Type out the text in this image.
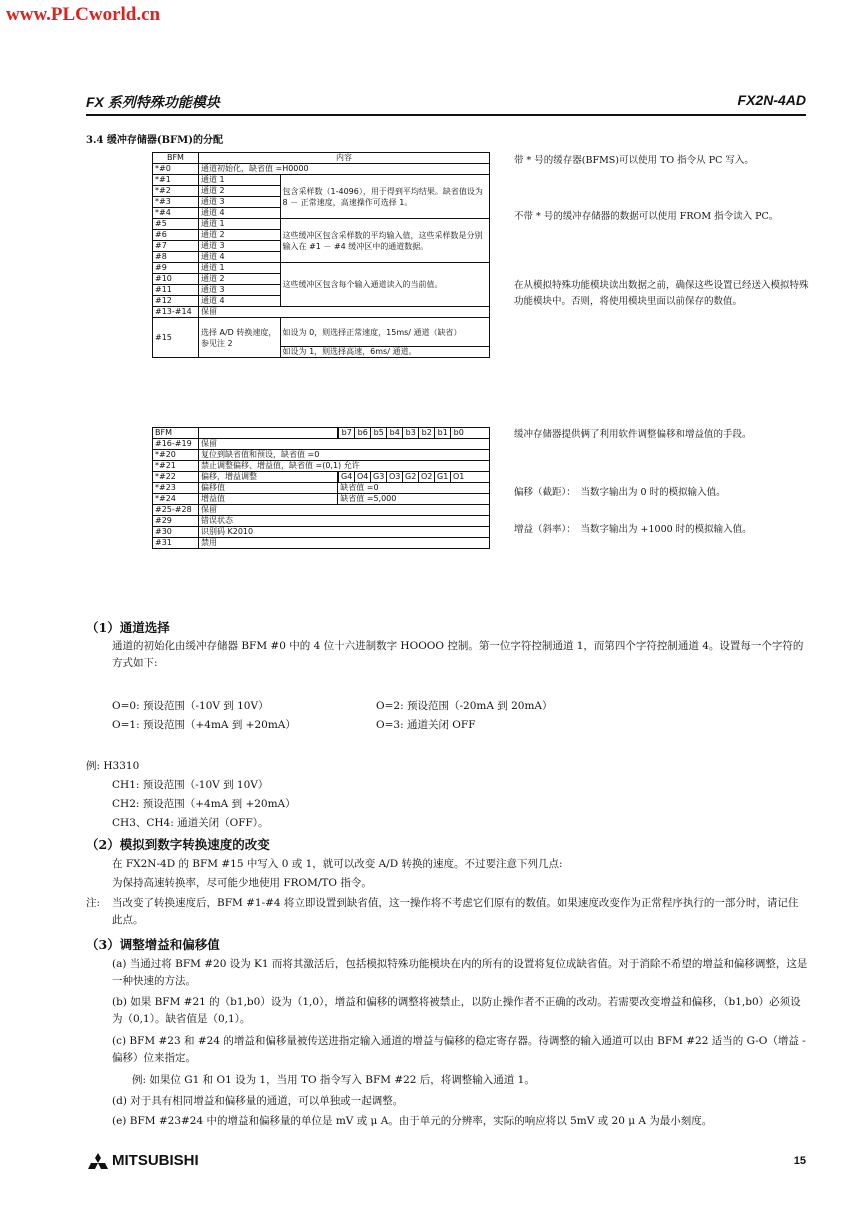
www.PLCworld.cn
FX 系列特殊功能模块	FX2N-4AD
3.4 缓冲存储器(BFM)的分配
BFM	内容	
*#0	通道初始化，缺省值 =H0000	
*#1	通道 1	包含采样数（1-4096），用于得到平均结果。缺省值设为 8 － 正常速度，高速操作可选择 1。
*#2	通道 2	
*#3	通道 3	
*#4	通道 4	
#5	通道 1	这些缓冲区包含采样数的平均输入值，这些采样数是分别输入在 #1 － #4 缓冲区中的通道数据。
#6	通道 2	
#7	通道 3	
#8	通道 4	
#9	通道 1	这些缓冲区包含每个输入通道读入的当前值。
#10	通道 2	
#11	通道 3	
#12	通道 4	
#13-#14	保留	
#15	选择 A/D 转换速度，参见注 2	如设为 0，则选择正常速度，15ms/ 通道（缺省）
		如设为 1，则选择高速，6ms/ 通道。
BFM		b7 b6 b5 b4 b3 b2 b1 b0
#16-#19	保留	
*#20	复位到缺省值和预设，缺省值 =0	
*#21	禁止调整偏移、增益值，缺省值 =(0,1) 允许	
*#22	偏移，增益调整	G4 O4 G3 O3 G2 O2 G1 O1
*#23	偏移值	缺省值 =0
*#24	增益值	缺省值 =5,000
#25-#28	保留	
#29	错误状态	
#30	识别码 K2010	
#31	禁用	
带 * 号的缓存器(BFMS)可以使用 TO 指令从 PC 写入。
不带 * 号的缓冲存储器的数据可以使用 FROM 指令读入 PC。
在从模拟特殊功能模块读出数据之前，确保这些设置已经送入模拟特殊功能模块中。否则，将使用模块里面以前保存的数值。
缓冲存储器提供俩了利用软件调整偏移和增益值的手段。
偏移（截距）：　当数字输出为 0 时的模拟输入值。
增益（斜率）：　当数字输出为 +1000 时的模拟输入值。
（1）通道选择
通道的初始化由缓冲存储器 BFM #0 中的 4 位十六进制数字 HOOOO 控制。第一位字符控制通道 1，而第四个字符控制通道 4。设置每一个字符的方式如下:
O=0: 预设范围（-10V 到 10V）
O=1: 预设范围（+4mA 到 +20mA）
O=2: 预设范围（-20mA 到 20mA）
O=3: 通道关闭 OFF
例: H3310
CH1: 预设范围（-10V 到 10V）
CH2: 预设范围（+4mA 到 +20mA）
CH3、CH4: 通道关闭（OFF）。
（2）模拟到数字转换速度的改变
在 FX2N-4D 的 BFM #15 中写入 0 或 1，就可以改变 A/D 转换的速度。不过要注意下列几点:
为保持高速转换率，尽可能少地使用 FROM/TO 指令。
注: 当改变了转换速度后，BFM #1-#4 将立即设置到缺省值，这一操作将不考虑它们原有的数值。如果速度改变作为正常程序执行的一部分时，请记住此点。
（3）调整增益和偏移值
(a) 当通过将 BFM #20 设为 K1 而将其激活后，包括模拟特殊功能模块在内的所有的设置将复位成缺省值。对于消除不希望的增益和偏移调整，这是一种快速的方法。
(b) 如果 BFM #21 的（b1,b0）设为（1,0），增益和偏移的调整将被禁止，以防止操作者不正确的改动。若需要改变增益和偏移，（b1,b0）必须设为（0,1）。缺省值是（0,1）。
(c) BFM #23 和 #24 的增益和偏移量被传送进指定输入通道的增益与偏移的稳定寄存器。待调整的输入通道可以由 BFM #22 适当的 G-O（增益 - 偏移）位来指定。
例: 如果位 G1 和 O1 设为 1，当用 TO 指令写入 BFM #22 后，将调整输入通道 1。
(d) 对于具有相同增益和偏移量的通道，可以单独或一起调整。
(e) BFM #23#24 中的增益和偏移量的单位是 mV 或 μ A。由于单元的分辨率，实际的响应将以 5mV 或 20 μ A 为最小刻度。
MITSUBISHI	15
